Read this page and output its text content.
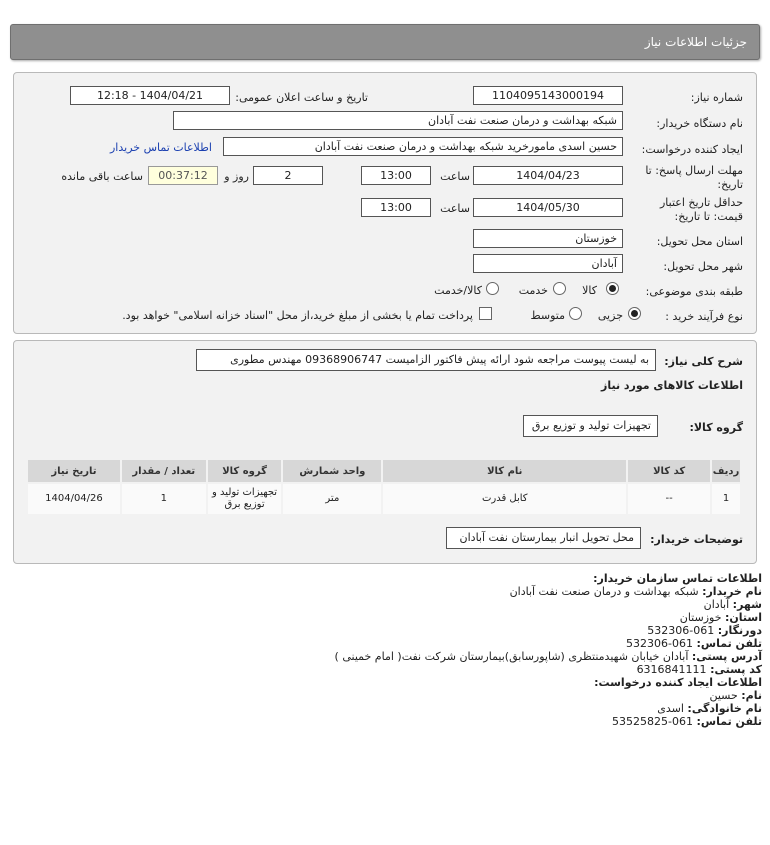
جزئیات اطلاعات نیاز
شماره نیاز:
1104095143000194
تاریخ و ساعت اعلان عمومی:
1404/04/21 - 12:18
نام دستگاه خریدار:
شبکه بهداشت و درمان صنعت نفت آبادان
ایجاد کننده درخواست:
حسین اسدی مامورخرید شبکه بهداشت و درمان صنعت نفت آبادان
اطلاعات تماس خریدار
مهلت ارسال پاسخ: تا
تاریخ:
1404/04/23
ساعت
13:00
2
روز و
00:37:12
ساعت باقی مانده
حداقل تاریخ اعتبار
قیمت: تا تاریخ:
1404/05/30
ساعت
13:00
استان محل تحویل:
خوزستان
شهر محل تحویل:
آبادان
طبقه بندی موضوعی:
کالا
خدمت
کالا/خدمت
نوع فرآیند خرید :
جزیی
متوسط
پرداخت تمام یا بخشی از مبلغ خرید،از محل "اسناد خزانه اسلامی" خواهد بود.
شرح کلی نیاز:
به لیست پیوست مراجعه شود ارائه پیش فاکتور الزامیست 09368906747 مهندس مطوری
اطلاعات کالاهای مورد نیاز
گروه کالا:
تجهیزات تولید و توزیع برق
ردیف	کد کالا	نام کالا	واحد شمارش	گروه کالا	تعداد / مقدار	تاریخ نیاز
1	--	کابل قدرت	متر	تجهیزات تولید و توزیع برق	1	1404/04/26
توضیحات خریدار:
محل تحویل انبار بیمارستان نفت آبادان
اطلاعات تماس سازمان خریدار:
نام خریدار: شبکه بهداشت و درمان صنعت نفت آبادان
شهر: آبادان
استان: خوزستان
دورنگار: 061-532306
تلفن تماس: 061-532306
آدرس پستی: آبادان خیابان شهیدمنتظری (شاپورسابق)بیمارستان شرکت نفت( امام خمینی )
کد پستی: 6316841111
اطلاعات ایجاد کننده درخواست:
نام: حسین
نام خانوادگی: اسدی
تلفن تماس: 061-53525825
